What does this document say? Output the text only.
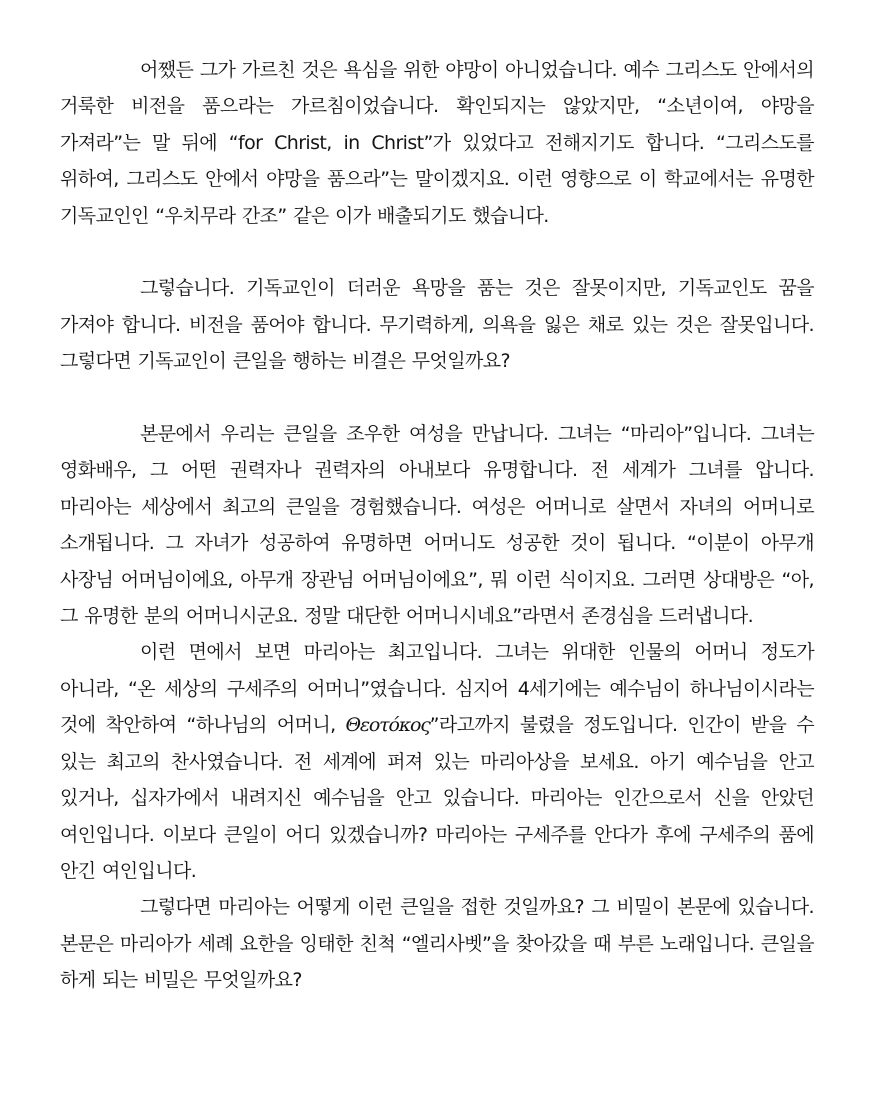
어쨌든 그가 가르친 것은 욕심을 위한 야망이 아니었습니다. 예수 그리스도 안에서의 거룩한 비전을 품으라는 가르침이었습니다. 확인되지는 않았지만, “소년이여, 야망을 가져라”는 말 뒤에 “for Christ, in Christ”가 있었다고 전해지기도 합니다. “그리스도를 위하여, 그리스도 안에서 야망을 품으라”는 말이겠지요. 이런 영향으로 이 학교에서는 유명한 기독교인인 “우치무라 간조” 같은 이가 배출되기도 했습니다.

그렇습니다. 기독교인이 더러운 욕망을 품는 것은 잘못이지만, 기독교인도 꿈을 가져야 합니다. 비전을 품어야 합니다. 무기력하게, 의욕을 잃은 채로 있는 것은 잘못입니다. 그렇다면 기독교인이 큰일을 행하는 비결은 무엇일까요?

본문에서 우리는 큰일을 조우한 여성을 만납니다. 그녀는 “마리아”입니다. 그녀는 영화배우, 그 어떤 권력자나 권력자의 아내보다 유명합니다. 전 세계가 그녀를 압니다. 마리아는 세상에서 최고의 큰일을 경험했습니다. 여성은 어머니로 살면서 자녀의 어머니로 소개됩니다. 그 자녀가 성공하여 유명하면 어머니도 성공한 것이 됩니다. “이분이 아무개 사장님 어머님이에요, 아무개 장관님 어머님이에요”, 뭐 이런 식이지요. 그러면 상대방은 “아, 그 유명한 분의 어머니시군요. 정말 대단한 어머니시네요”라면서 존경심을 드러냅니다.

이런 면에서 보면 마리아는 최고입니다. 그녀는 위대한 인물의 어머니 정도가 아니라, “온 세상의 구세주의 어머니”였습니다. 심지어 4세기에는 예수님이 하나님이시라는 것에 착안하여 “하나님의 어머니, Θεοτόκος”라고까지 불렸을 정도입니다. 인간이 받을 수 있는 최고의 찬사였습니다. 전 세계에 퍼져 있는 마리아상을 보세요. 아기 예수님을 안고 있거나, 십자가에서 내려지신 예수님을 안고 있습니다. 마리아는 인간으로서 신을 안았던 여인입니다. 이보다 큰일이 어디 있겠습니까? 마리아는 구세주를 안다가 후에 구세주의 품에 안긴 여인입니다.

그렇다면 마리아는 어떻게 이런 큰일을 접한 것일까요? 그 비밀이 본문에 있습니다. 본문은 마리아가 세례 요한을 잉태한 친척 “엘리사벳”을 찾아갔을 때 부른 노래입니다. 큰일을 하게 되는 비밀은 무엇일까요?
